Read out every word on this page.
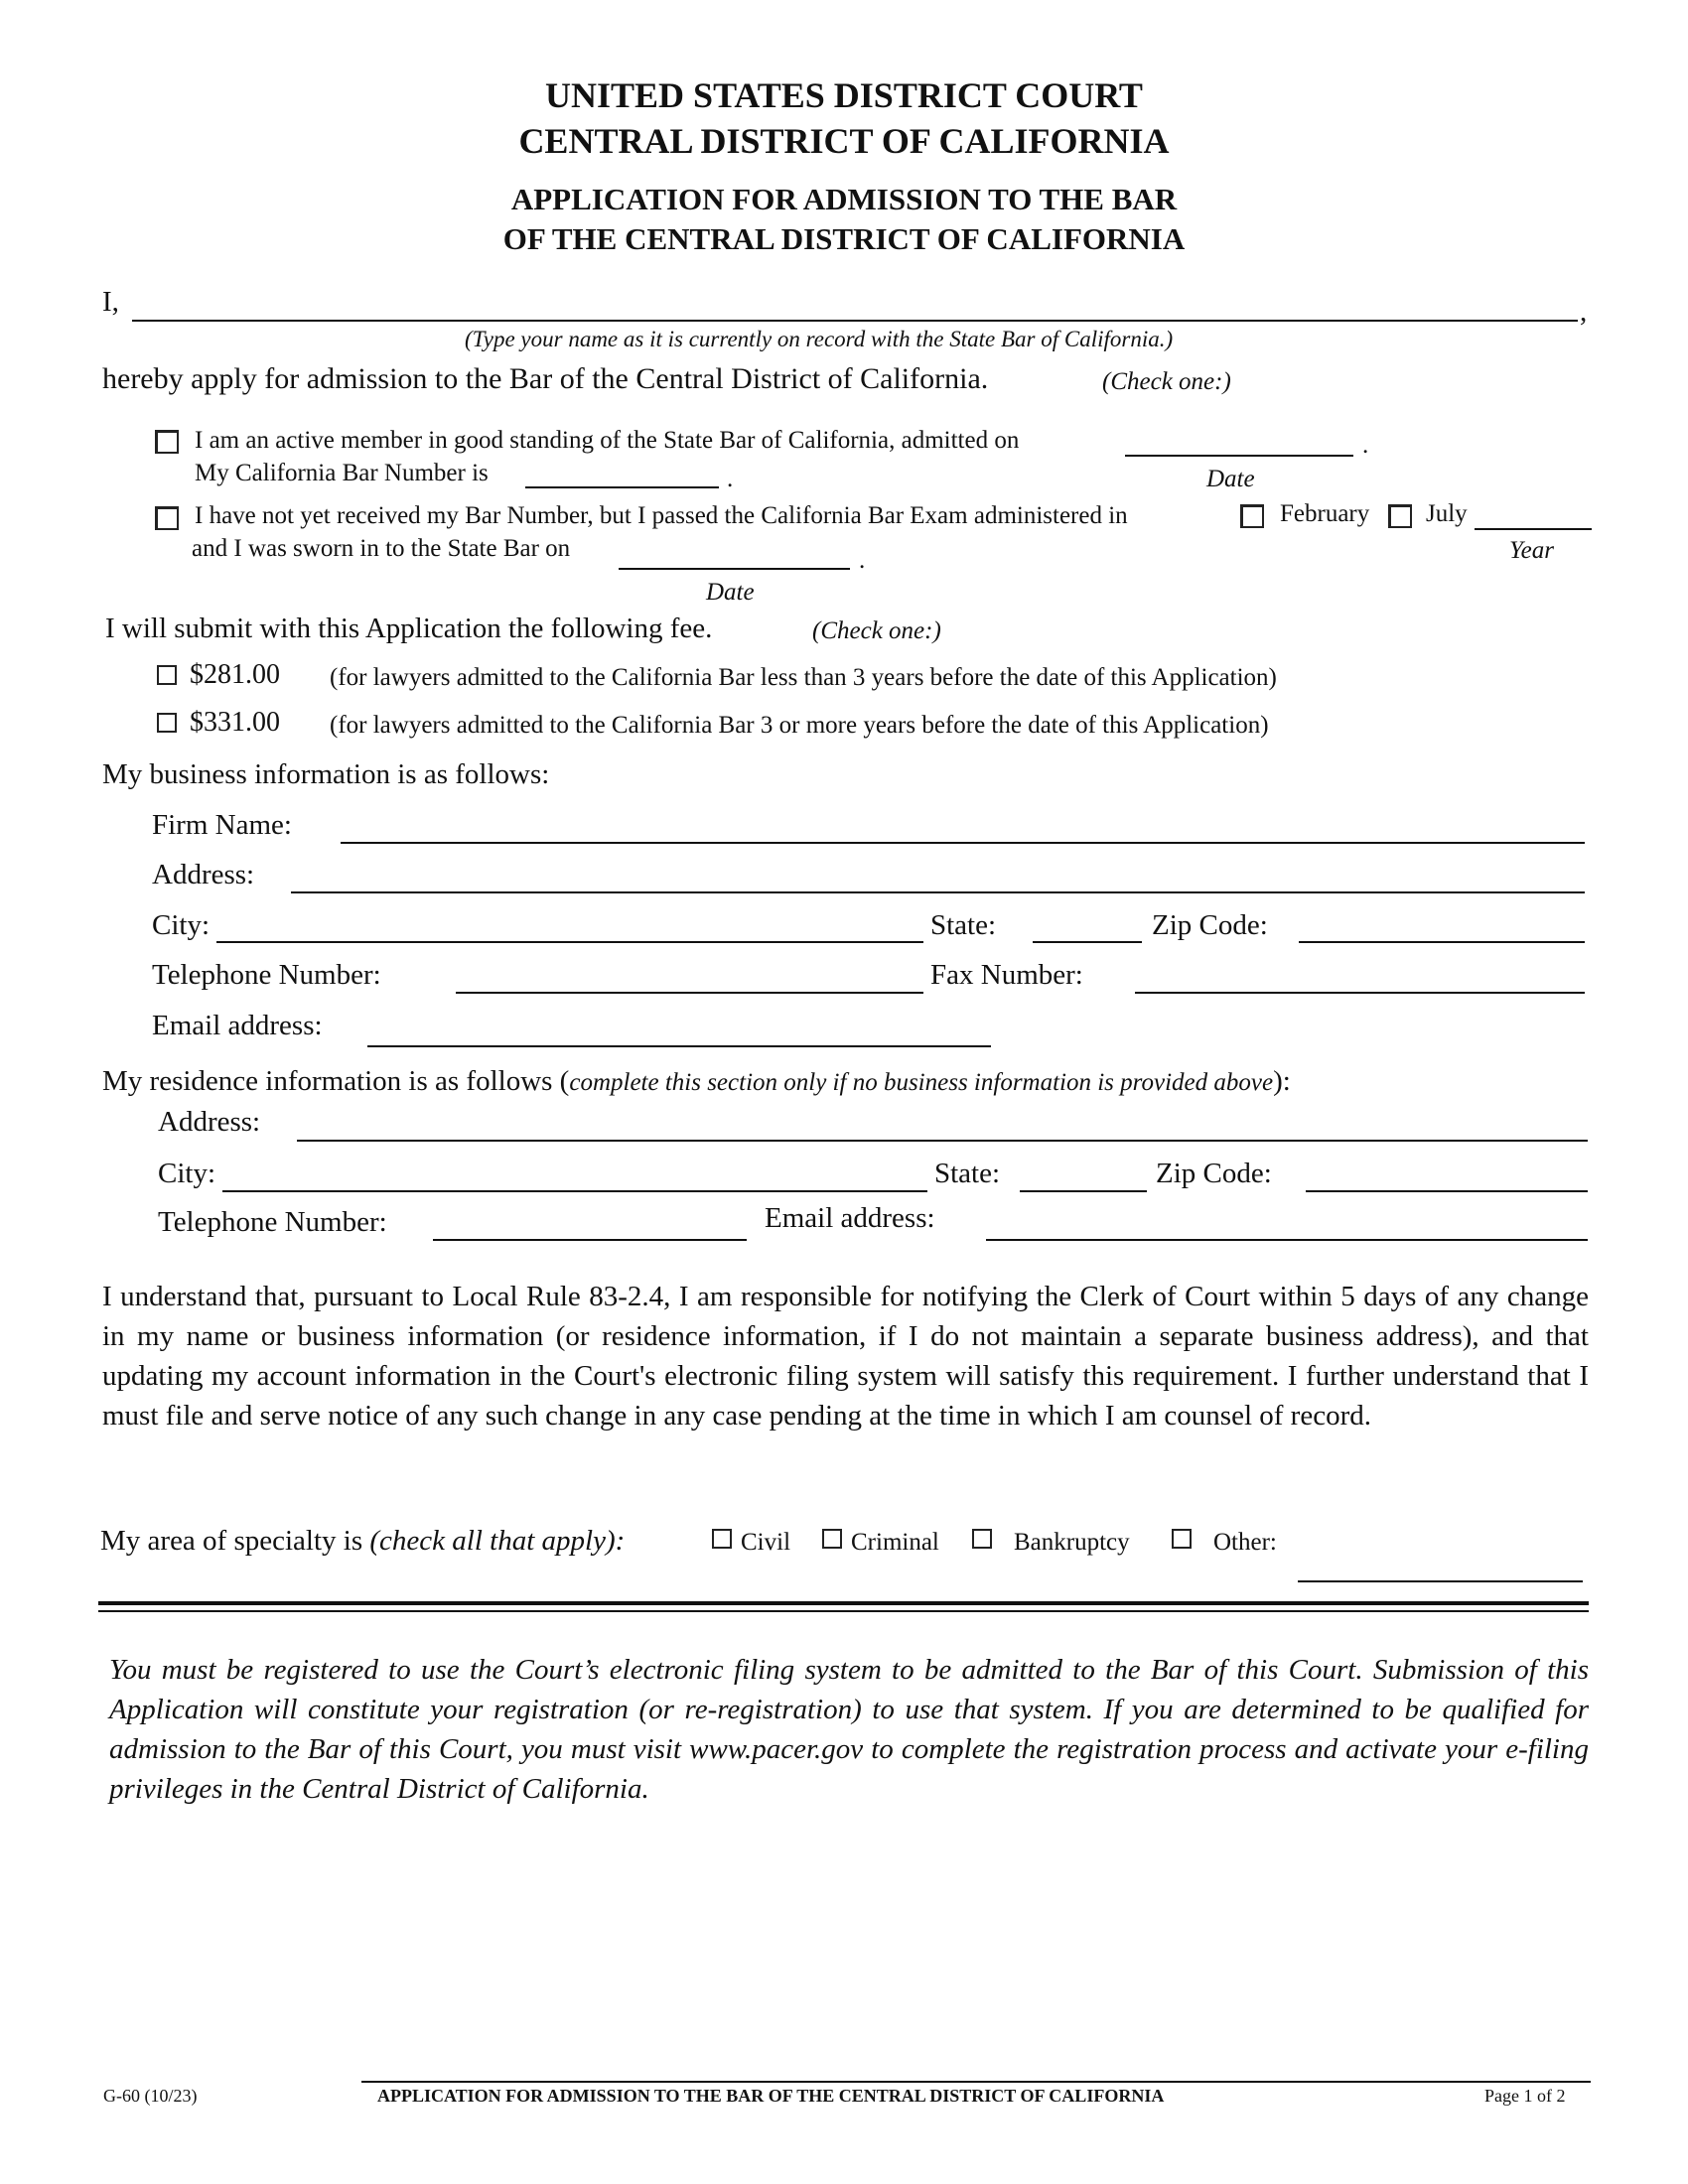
UNITED STATES DISTRICT COURT
CENTRAL DISTRICT OF CALIFORNIA
APPLICATION FOR ADMISSION TO THE BAR
OF THE CENTRAL DISTRICT OF CALIFORNIA
I,	,
(Type your name as it is currently on record with the State Bar of California.)
hereby apply for admission to the Bar of the Central District of California.	(Check one:)
I am an active member in good standing of the State Bar of California, admitted on	.
My California Bar Number is	.	Date
I have not yet received my Bar Number, but I passed the California Bar Exam administered in	February July
Year
and I was sworn in to the State Bar on	.
Date
I will submit with this Application the following fee.	(Check one:)
$281.00 (for lawyers admitted to the California Bar less than 3 years before the date of this Application)
$331.00 (for lawyers admitted to the California Bar 3 or more years before the date of this Application)
My business information is as follows:
Firm Name:
Address:
City:	State:	Zip Code:
Telephone Number:	Fax Number:
Email address:
My residence information is as follows (complete this section only if no business information is provided above):
Address:
City:	State:	Zip Code:
Telephone Number:	Email address:
I understand that, pursuant to Local Rule 83-2.4, I am responsible for notifying the Clerk of Court within 5 days of any change in my name or business information (or residence information, if I do not maintain a separate business address), and that updating my account information in the Court's electronic filing system will satisfy this requirement. I further understand that I must file and serve notice of any such change in any case pending at the time in which I am counsel of record.
My area of specialty is (check all that apply):	Civil Criminal	Bankruptcy	Other:
You must be registered to use the Court’s electronic filing system to be admitted to the Bar of this Court. Submission of this Application will constitute your registration (or re-registration) to use that system. If you are determined to be qualified for admission to the Bar of this Court, you must visit www.pacer.gov to complete the registration process and activate your e-filing privileges in the Central District of California.
G-60 (10/23)	APPLICATION FOR ADMISSION TO THE BAR OF THE CENTRAL DISTRICT OF CALIFORNIA	Page 1 of 2
